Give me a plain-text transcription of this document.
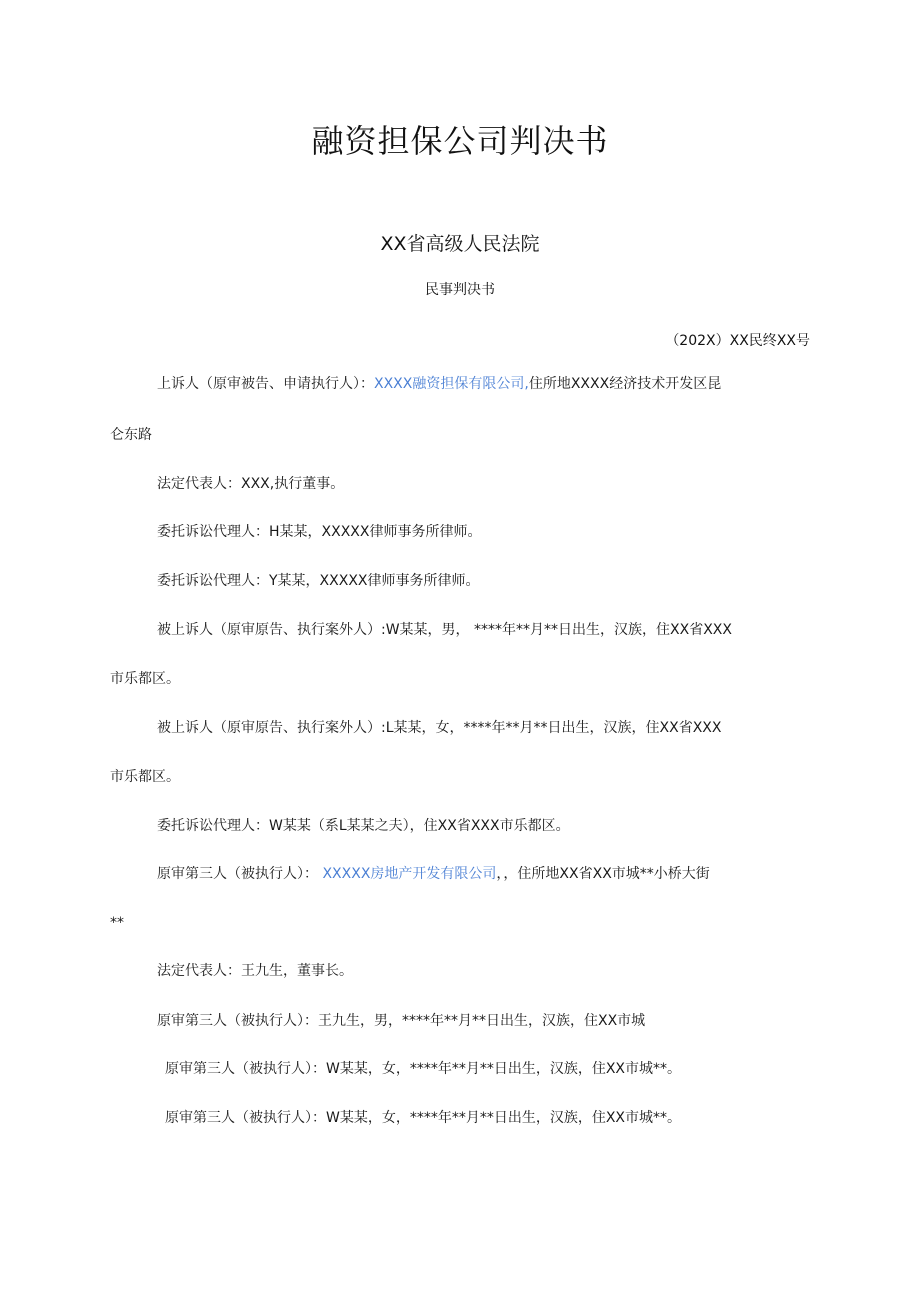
融资担保公司判决书
XX省高级人民法院
民事判决书
（202X）XX民终XX号
上诉人（原审被告、申请执行人）：XXXX融资担保有限公司,住所地XXXX经济技术开发区昆
仑东路
法定代表人：XXX,执行董事。
委托诉讼代理人：H某某，XXXXX律师事务所律师。
委托诉讼代理人：Y某某，XXXXX律师事务所律师。
被上诉人（原审原告、执行案外人）:W某某，男， ****年**月**日出生，汉族，住XX省XXX
市乐都区。
被上诉人（原审原告、执行案外人）:L某某，女，****年**月**日出生，汉族，住XX省XXX
市乐都区。
委托诉讼代理人：W某某（系L某某之夫），住XX省XXX市乐都区。
原审第三人（被执行人）： XXXXX房地产开发有限公司，，住所地XX省XX市城**小桥大街
**
法定代表人：王九生，董事长。
原审第三人（被执行人）：王九生，男，****年**月**日出生，汉族，住XX市城
原审第三人（被执行人）：W某某，女，****年**月**日出生，汉族，住XX市城**。
原审第三人（被执行人）：W某某，女，****年**月**日出生，汉族，住XX市城**。
